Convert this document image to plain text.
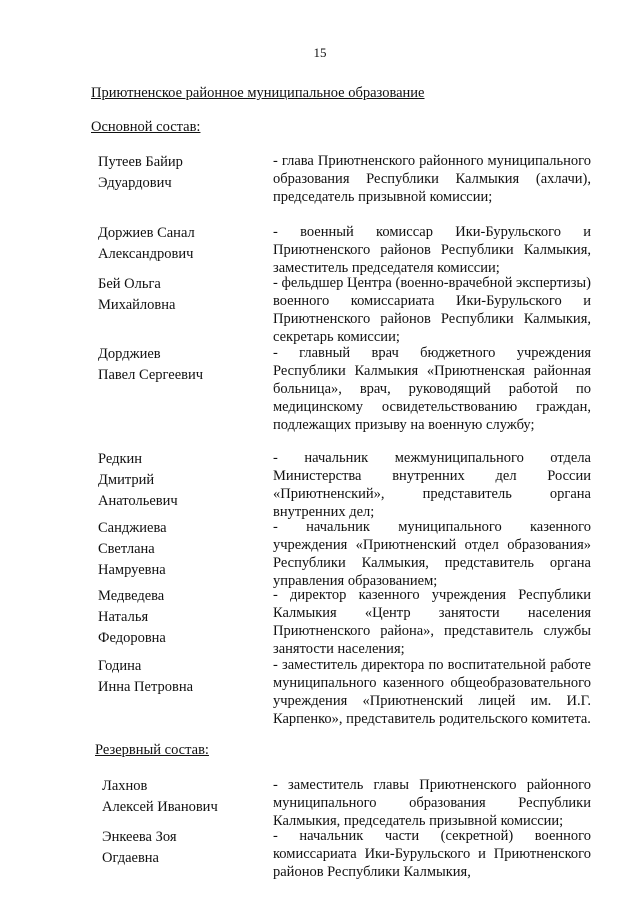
15
Приютненское районное муниципальное образование
Основной состав:
Путеев Байир
Эдуардович
- глава Приютненского районного муниципального образования Республики Калмыкия (ахлачи), председатель призывной комиссии;
Доржиев Санал
Александрович
- военный комиссар Ики-Бурульского и Приютненского районов Республики Калмыкия, заместитель председателя комиссии;
Бей Ольга
Михайловна
- фельдшер Центра (военно-врачебной экспертизы) военного комиссариата Ики-Бурульского и Приютненского районов Республики Калмыкия, секретарь комиссии;
Дорджиев
Павел Сергеевич
- главный врач бюджетного учреждения Республики Калмыкия «Приютненская районная больница», врач, руководящий работой по медицинскому освидетельствованию граждан, подлежащих призыву на военную службу;
Редкин
Дмитрий
Анатольевич
- начальник межмуниципального отдела Министерства внутренних дел России «Приютненский», представитель органа внутренних дел;
Санджиева
Светлана
Намруевна
- начальник муниципального казенного учреждения «Приютненский отдел образования» Республики Калмыкия, представитель органа управления образованием;
Медведева
Наталья
Федоровна
- директор казенного учреждения Республики Калмыкия «Центр занятости населения Приютненского района», представитель службы занятости населения;
Година
Инна Петровна
- заместитель директора по воспитательной работе муниципального казенного общеобразовательного учреждения «Приютненский лицей им. И.Г. Карпенко», представитель родительского комитета.
Резервный состав:
Лахнов
Алексей Иванович
- заместитель главы Приютненского районного муниципального образования Республики Калмыкия, председатель призывной комиссии;
Энкеева Зоя
Огдаевна
- начальник части (секретной) военного комиссариата Ики-Бурульского и Приютненского районов Республики Калмыкия,
